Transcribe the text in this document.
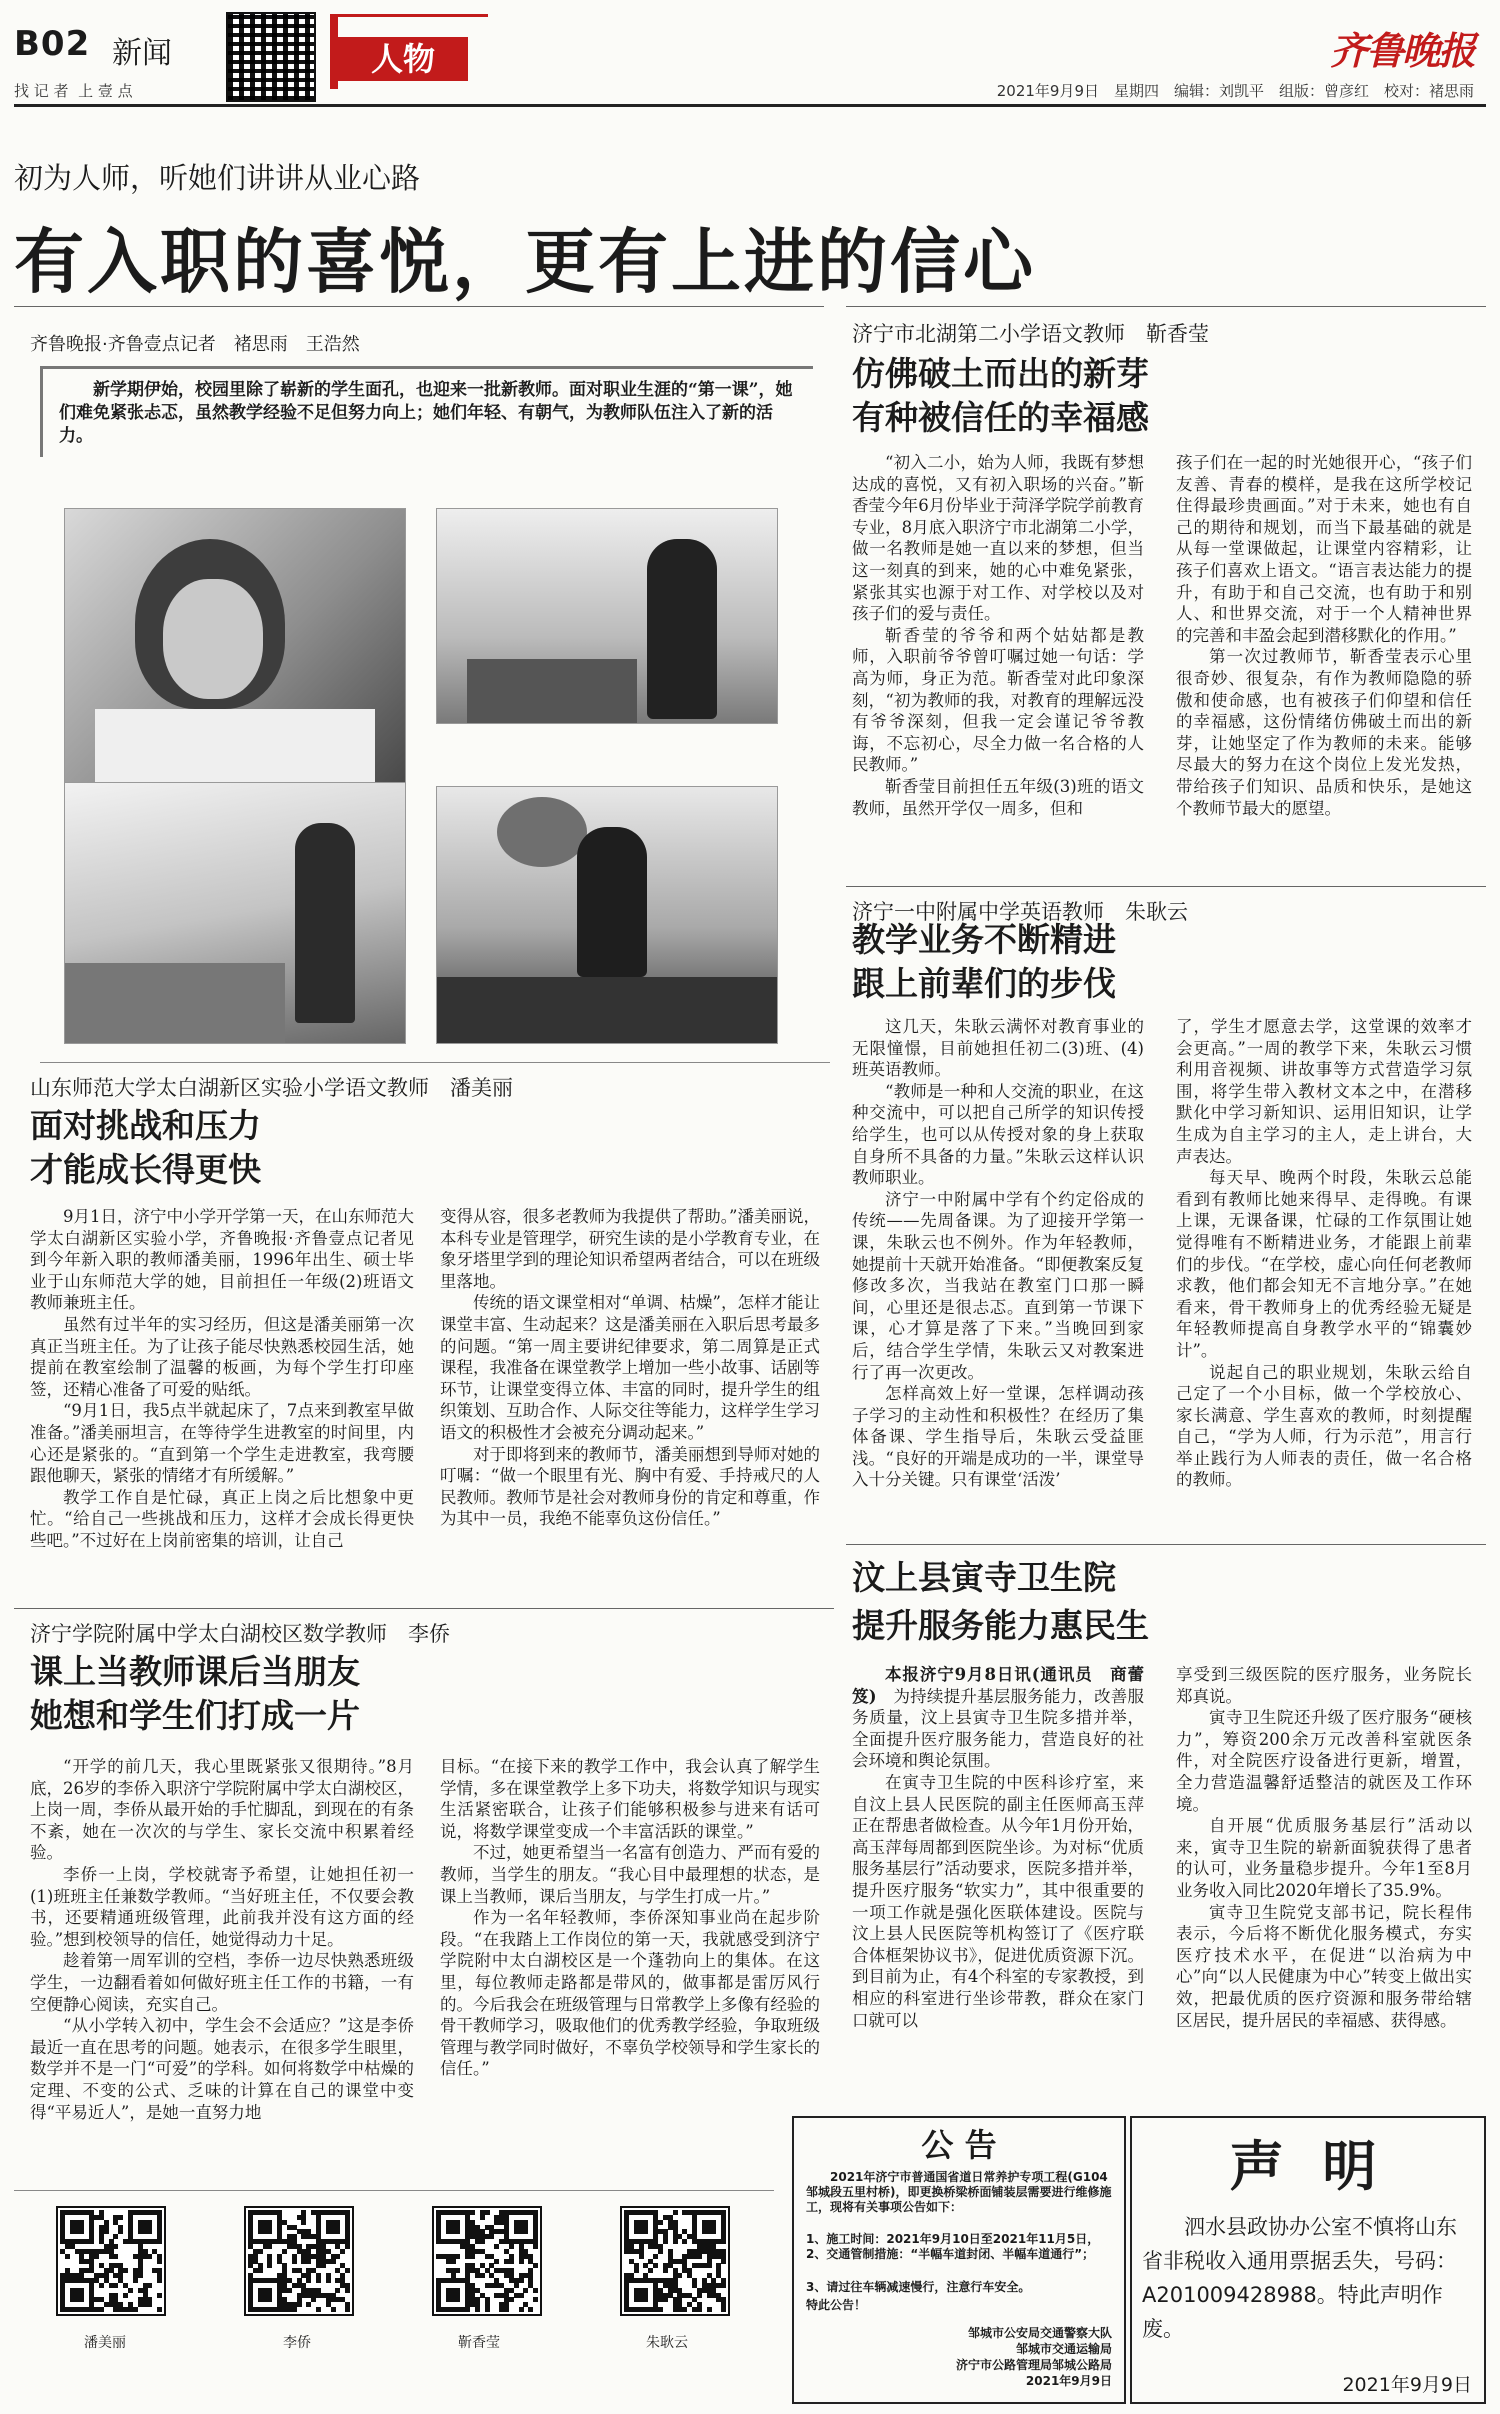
B02 新闻
找 记 者  上 壹 点
人物	齐鲁晚报
2021年9月9日　星期四　编辑：刘凯平　组版：曾彦红　校对：褚思雨
初为人师，听她们讲讲从业心路
有入职的喜悦，更有上进的信心
齐鲁晚报·齐鲁壹点记者　褚思雨　王浩然
新学期伊始，校园里除了崭新的学生面孔，也迎来一批新教师。面对职业生涯的“第一课”，她们难免紧张忐忑，虽然教学经验不足但努力向上；她们年轻、有朝气，为教师队伍注入了新的活力。
济宁市北湖第二小学语文教师　靳香莹
仿佛破土而出的新芽
有种被信任的幸福感

“初入二小，始为人师，我既有梦想达成的喜悦，又有初入职场的兴奋。”靳香莹今年6月份毕业于菏泽学院学前教育专业，8月底入职济宁市北湖第二小学，做一名教师是她一直以来的梦想，但当这一刻真的到来，她的心中难免紧张，紧张其实也源于对工作、对学校以及对孩子们的爱与责任。

靳香莹的爷爷和两个姑姑都是教师，入职前爷爷曾叮嘱过她一句话：学高为师，身正为范。靳香莹对此印象深刻，“初为教师的我，对教育的理解远没有爷爷深刻，但我一定会谨记爷爷教诲，不忘初心，尽全力做一名合格的人民教师。”

靳香莹目前担任五年级(3)班的语文教师，虽然开学仅一周多，但和

孩子们在一起的时光她很开心，“孩子们友善、青春的模样，是我在这所学校记住得最珍贵画面。”对于未来，她也有自己的期待和规划，而当下最基础的就是从每一堂课做起，让课堂内容精彩，让孩子们喜欢上语文。“语言表达能力的提升，有助于和自己交流，也有助于和别人、和世界交流，对于一个人精神世界的完善和丰盈会起到潜移默化的作用。”

第一次过教师节，靳香莹表示心里很奇妙、很复杂，有作为教师隐隐的骄傲和使命感，也有被孩子们仰望和信任的幸福感，这份情绪仿佛破土而出的新芽，让她坚定了作为教师的未来。能够尽最大的努力在这个岗位上发光发热，带给孩子们知识、品质和快乐，是她这个教师节最大的愿望。

济宁一中附属中学英语教师　朱耿云
教学业务不断精进
跟上前辈们的步伐

这几天，朱耿云满怀对教育事业的无限憧憬，目前她担任初二(3)班、(4)班英语教师。

“教师是一种和人交流的职业，在这种交流中，可以把自己所学的知识传授给学生，也可以从传授对象的身上获取自身所不具备的力量。”朱耿云这样认识教师职业。

济宁一中附属中学有个约定俗成的传统——先周备课。为了迎接开学第一课，朱耿云也不例外。作为年轻教师，她提前十天就开始准备。“即便教案反复修改多次，当我站在教室门口那一瞬间，心里还是很忐忑。直到第一节课下课，心才算是落了下来。”当晚回到家后，结合学生学情，朱耿云又对教案进行了再一次更改。

怎样高效上好一堂课，怎样调动孩子学习的主动性和积极性？在经历了集体备课、学生指导后，朱耿云受益匪浅。“良好的开端是成功的一半，课堂导入十分关键。只有课堂‘活泼’

了，学生才愿意去学，这堂课的效率才会更高。”一周的教学下来，朱耿云习惯利用音视频、讲故事等方式营造学习氛围，将学生带入教材文本之中，在潜移默化中学习新知识、运用旧知识，让学生成为自主学习的主人，走上讲台，大声表达。

每天早、晚两个时段，朱耿云总能看到有教师比她来得早、走得晚。有课上课，无课备课，忙碌的工作氛围让她觉得唯有不断精进业务，才能跟上前辈们的步伐。“在学校，虚心向任何老教师求教，他们都会知无不言地分享。”在她看来，骨干教师身上的优秀经验无疑是年轻教师提高自身教学水平的“锦囊妙计”。

说起自己的职业规划，朱耿云给自己定了一个小目标，做一个学校放心、家长满意、学生喜欢的教师，时刻提醒自己，“学为人师，行为示范”，用言行举止践行为人师表的责任，做一名合格的教师。

山东师范大学太白湖新区实验小学语文教师　潘美丽
面对挑战和压力
才能成长得更快

9月1日，济宁中小学开学第一天，在山东师范大学太白湖新区实验小学，齐鲁晚报·齐鲁壹点记者见到今年新入职的教师潘美丽，1996年出生、硕士毕业于山东师范大学的她，目前担任一年级(2)班语文教师兼班主任。

虽然有过半年的实习经历，但这是潘美丽第一次真正当班主任。为了让孩子能尽快熟悉校园生活，她提前在教室绘制了温馨的板画，为每个学生打印座签，还精心准备了可爱的贴纸。

“9月1日，我5点半就起床了，7点来到教室早做准备。”潘美丽坦言，在等待学生进教室的时间里，内心还是紧张的。“直到第一个学生走进教室，我弯腰跟他聊天，紧张的情绪才有所缓解。”

教学工作自是忙碌，真正上岗之后比想象中更忙。“给自己一些挑战和压力，这样才会成长得更快些吧。”不过好在上岗前密集的培训，让自己

变得从容，很多老教师为我提供了帮助。”潘美丽说，本科专业是管理学，研究生读的是小学教育专业，在象牙塔里学到的理论知识希望两者结合，可以在班级里落地。

传统的语文课堂相对“单调、枯燥”，怎样才能让课堂丰富、生动起来？这是潘美丽在入职后思考最多的问题。“第一周主要讲纪律要求，第二周算是正式课程，我准备在课堂教学上增加一些小故事、话剧等环节，让课堂变得立体、丰富的同时，提升学生的组织策划、互助合作、人际交往等能力，这样学生学习语文的积极性才会被充分调动起来。”

对于即将到来的教师节，潘美丽想到导师对她的叮嘱：“做一个眼里有光、胸中有爱、手持戒尺的人民教师。教师节是社会对教师身份的肯定和尊重，作为其中一员，我绝不能辜负这份信任。”

济宁学院附属中学太白湖校区数学教师　李侨
课上当教师课后当朋友
她想和学生们打成一片

“开学的前几天，我心里既紧张又很期待。”8月底，26岁的李侨入职济宁学院附属中学太白湖校区，上岗一周，李侨从最开始的手忙脚乱，到现在的有条不紊，她在一次次的与学生、家长交流中积累着经验。

李侨一上岗，学校就寄予希望，让她担任初一(1)班班主任兼数学教师。“当好班主任，不仅要会教书，还要精通班级管理，此前我并没有这方面的经验。”想到校领导的信任，她觉得动力十足。

趁着第一周军训的空档，李侨一边尽快熟悉班级学生，一边翻看着如何做好班主任工作的书籍，一有空便静心阅读，充实自己。

“从小学转入初中，学生会不会适应？”这是李侨最近一直在思考的问题。她表示，在很多学生眼里，数学并不是一门“可爱”的学科。如何将数学中枯燥的定理、不变的公式、乏味的计算在自己的课堂中变得“平易近人”，是她一直努力地

目标。“在接下来的教学工作中，我会认真了解学生学情，多在课堂教学上多下功夫，将数学知识与现实生活紧密联合，让孩子们能够积极参与进来有话可说，将数学课堂变成一个丰富活跃的课堂。”

不过，她更希望当一名富有创造力、严而有爱的教师，当学生的朋友。“我心目中最理想的状态，是课上当教师，课后当朋友，与学生打成一片。”

作为一名年轻教师，李侨深知事业尚在起步阶段。“在我踏上工作岗位的第一天，我就感受到济宁学院附中太白湖校区是一个蓬勃向上的集体。在这里，每位教师走路都是带风的，做事都是雷厉风行的。今后我会在班级管理与日常教学上多像有经验的骨干教师学习，吸取他们的优秀教学经验，争取班级管理与教学同时做好，不辜负学校领导和学生家长的信任。”

汶上县寅寺卫生院
提升服务能力惠民生

本报济宁9月8日讯(通讯员　商蕾笈)　 为持续提升基层服务能力，改善服务质量，汶上县寅寺卫生院多措并举，全面提升医疗服务能力，营造良好的社会环境和舆论氛围。

在寅寺卫生院的中医科诊疗室，来自汶上县人民医院的副主任医师高玉萍正在帮患者做检查。从今年1月份开始，高玉萍每周都到医院坐诊。为对标“优质服务基层行”活动要求，医院多措并举，提升医疗服务“软实力”，其中很重要的一项工作就是强化医联体建设。医院与汶上县人民医院等机构签订了《医疗联合体框架协议书》，促进优质资源下沉。到目前为止，有4个科室的专家教授，到相应的科室进行坐诊带教，群众在家门口就可以

享受到三级医院的医疗服务，业务院长郑真说。

寅寺卫生院还升级了医疗服务“硬核力”，筹资200余万元改善科室就医条件，对全院医疗设备进行更新，增置，全力营造温馨舒适整洁的就医及工作环境。

自开展“优质服务基层行”活动以来，寅寺卫生院的崭新面貌获得了患者的认可，业务量稳步提升。今年1至8月业务收入同比2020年增长了35.9%。

寅寺卫生院党支部书记，院长程伟表示，今后将不断优化服务模式，夯实医疗技术水平，在促进“以治病为中心”向“以人民健康为中心”转变上做出实效，把最优质的医疗资源和服务带给辖区居民，提升居民的幸福感、获得感。

潘美丽	李侨	靳香莹	朱耿云
公 告
2021年济宁市普通国省道日常养护专项工程(G104邹城段五里村桥)，即更换桥梁桥面铺装层需要进行维修施工，现将有关事项公告如下：
1、施工时间：2021年9月10日至2021年11月5日，2、交通管制措施：“半幅车道封闭、半幅车道通行”；
3、请过往车辆减速慢行，注意行车安全。
特此公告！
邹城市公安局交通警察大队
邹城市交通运输局
济宁市公路管理局邹城公路局
2021年9月9日
声 明
泗水县政协办公室不慎将山东省非税收入通用票据丢失，号码：A201009428988。特此声明作废。
2021年9月9日
